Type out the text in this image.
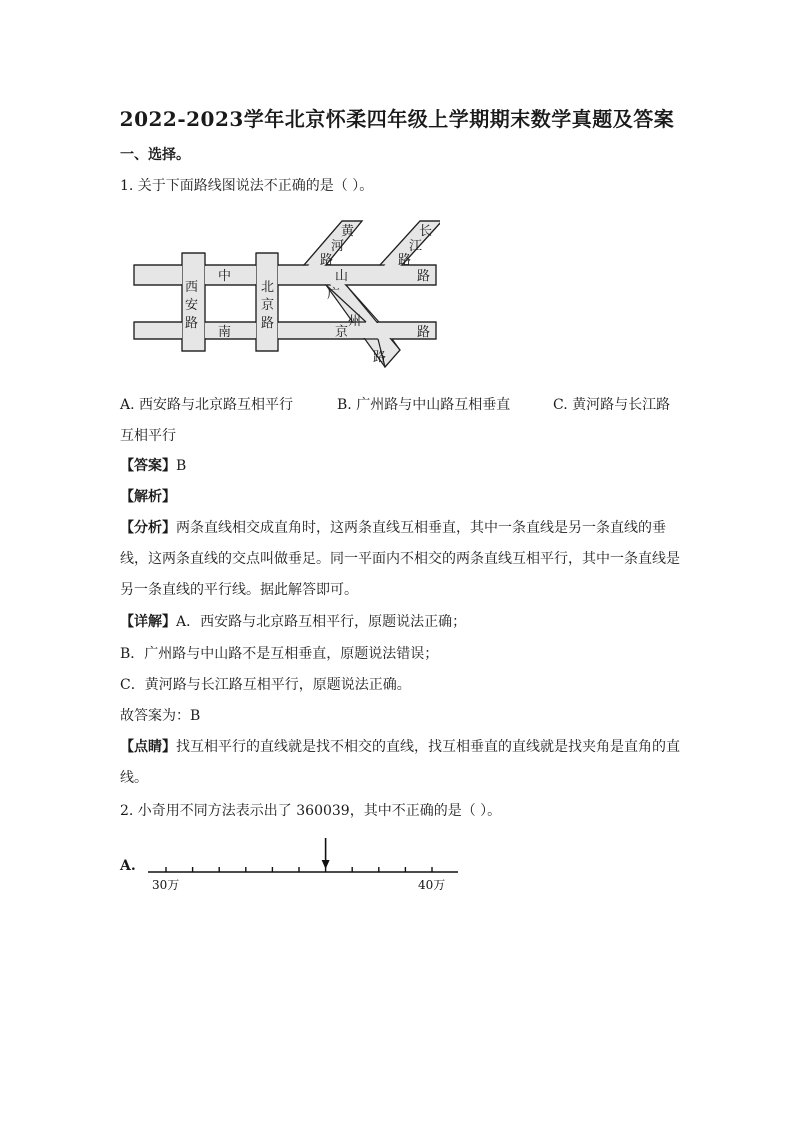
2022-2023学年北京怀柔四年级上学期期末数学真题及答案
一、选择。
1. 关于下面路线图说法不正确的是（ ）。
中
南
西
安
路
北
京
路
黄
河
路
长
江
路
山	路
广
州
京	路
路
A. 西安路与北京路互相平行	B. 广州路与中山路互相垂直	C. 黄河路与长江路
互相平行
【答案】B
【解析】
【分析】两条直线相交成直角时，这两条直线互相垂直，其中一条直线是另一条直线的垂线，这两条直线的交点叫做垂足。同一平面内不相交的两条直线互相平行，其中一条直线是另一条直线的平行线。据此解答即可。
【详解】A．西安路与北京路互相平行，原题说法正确；
B．广州路与中山路不是互相垂直，原题说法错误；
C．黄河路与长江路互相平行，原题说法正确。
故答案为：B
【点睛】找互相平行的直线就是找不相交的直线，找互相垂直的直线就是找夹角是直角的直线。
2. 小奇用不同方法表示出了 360039，其中不正确的是（ ）。
A.
30万	40万
